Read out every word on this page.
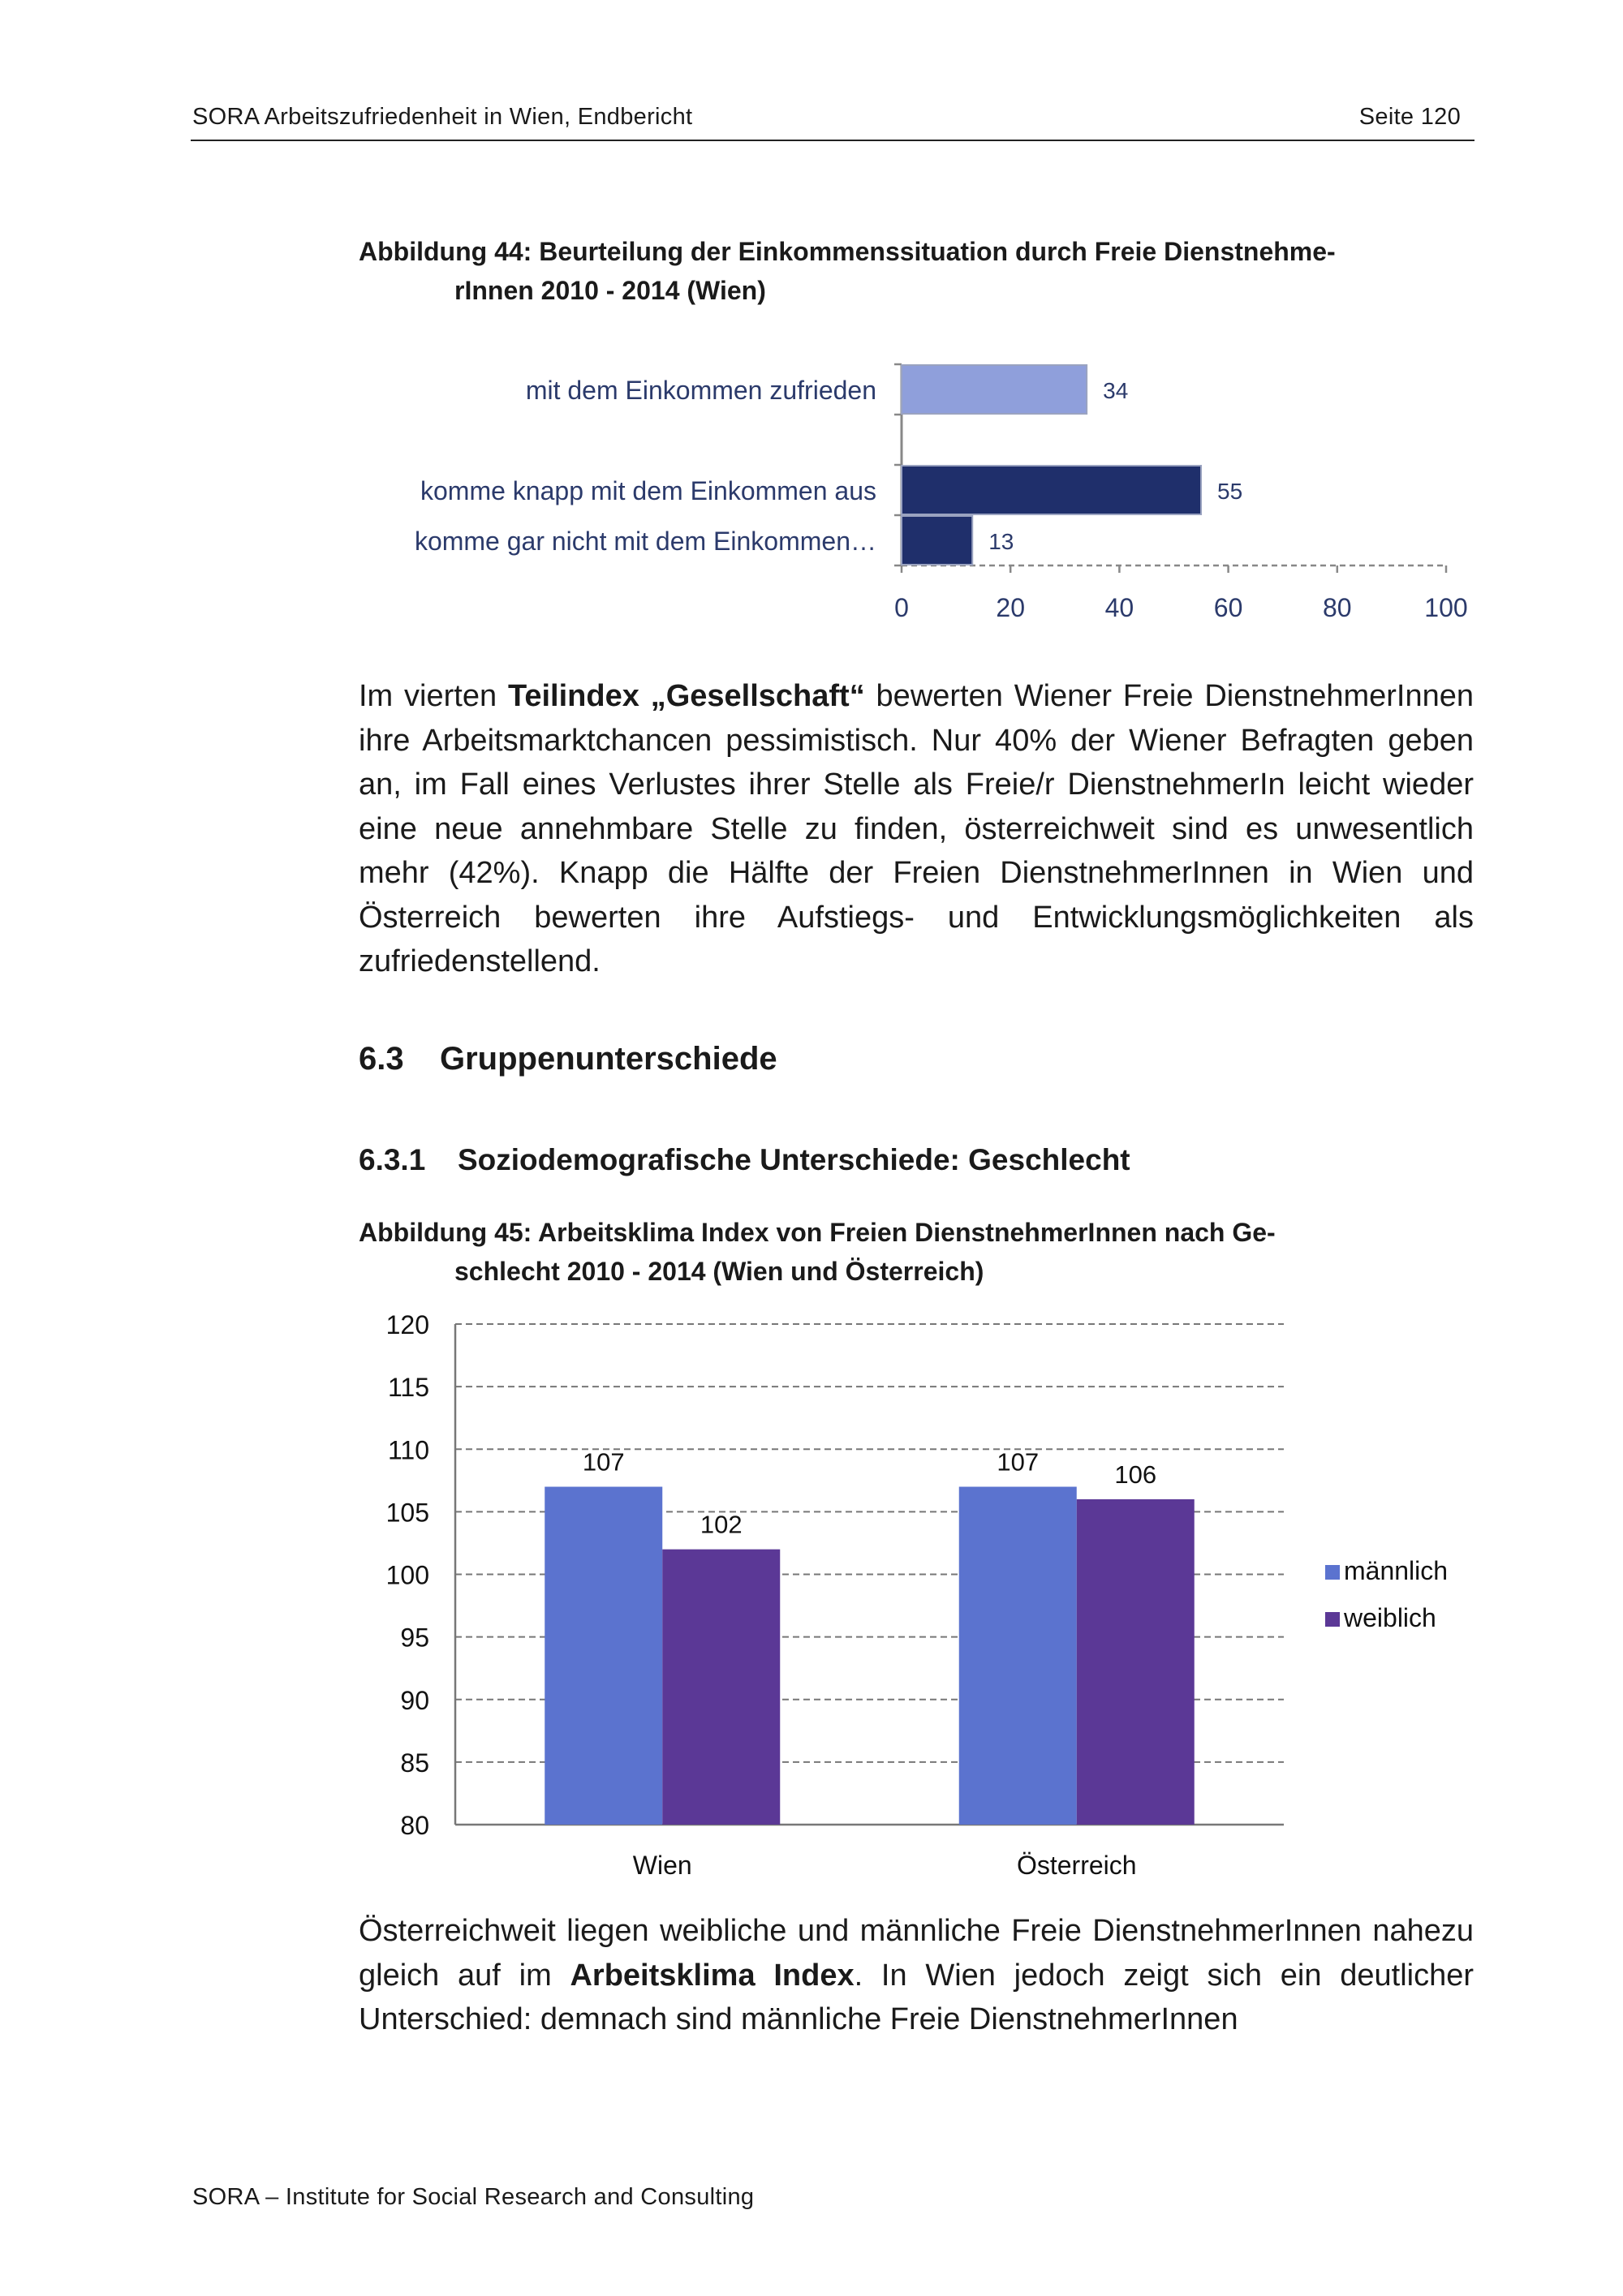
SORA Arbeitszufriedenheit in Wien, Endbericht	Seite 120
Abbildung 44: Beurteilung der Einkommenssituation durch Freie Dienstnehme-
rInnen 2010 - 2014 (Wien)
mit dem Einkommen zufrieden	34
komme knapp mit dem Einkommen aus	55
komme gar nicht mit dem Einkommen…	13
0	20	40	60	80	100
Im vierten Teilindex „Gesellschaft“ bewerten Wiener Freie DienstnehmerInnen ihre Arbeitsmarktchancen pessimistisch. Nur 40% der Wiener Befragten geben an, im Fall eines Verlustes ihrer Stelle als Freie/r DienstnehmerIn leicht wieder eine neue annehmbare Stelle zu finden, österreichweit sind es unwesentlich mehr (42%). Knapp die Hälfte der Freien DienstnehmerInnen in Wien und Österreich bewerten ihre Aufstiegs- und Entwicklungsmöglichkeiten als zufriedenstellend.
6.3 Gruppenunterschiede
6.3.1 Soziodemografische Unterschiede: Geschlecht
Abbildung 45: Arbeitsklima Index von Freien DienstnehmerInnen nach Ge-
schlecht 2010 - 2014 (Wien und Österreich)
80
85
90
95
100
105
110
115
120
Wien
107
102
Österreich
107	106
männlich
weiblich
Österreichweit liegen weibliche und männliche Freie DienstnehmerInnen nahezu gleich auf im Arbeitsklima Index. In Wien jedoch zeigt sich ein deutlicher Unterschied: demnach sind männliche Freie DienstnehmerInnen
SORA – Institute for Social Research and Consulting
